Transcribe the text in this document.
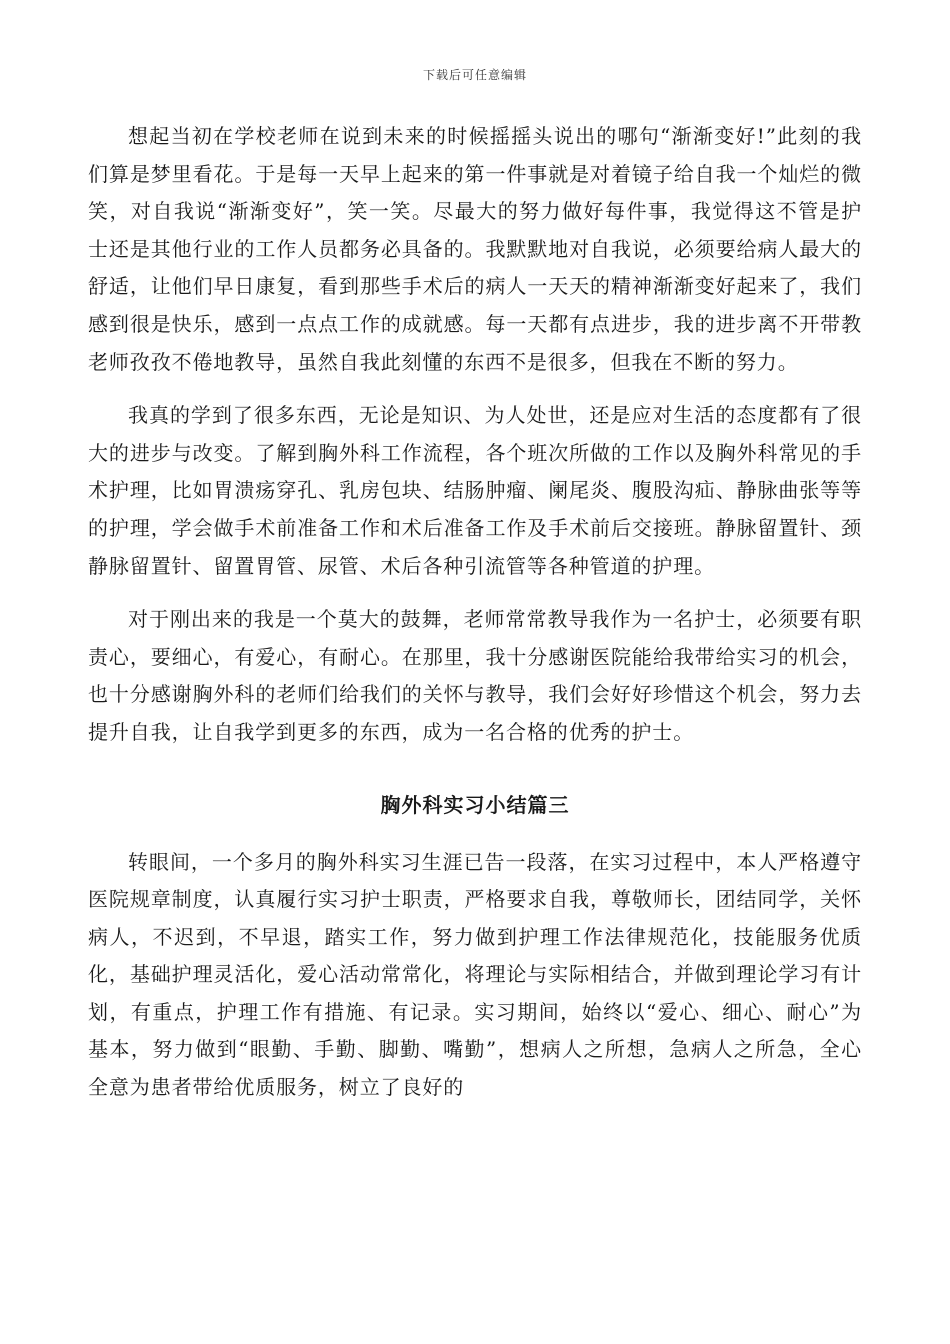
下载后可任意编辑

想起当初在学校老师在说到未来的时候摇摇头说出的哪句“渐渐变好!”此刻的我们算是梦里看花。于是每一天早上起来的第一件事就是对着镜子给自我一个灿烂的微笑，对自我说“渐渐变好”，笑一笑。尽最大的努力做好每件事，我觉得这不管是护士还是其他行业的工作人员都务必具备的。我默默地对自我说，必须要给病人最大的舒适，让他们早日康复，看到那些手术后的病人一天天的精神渐渐变好起来了，我们感到很是快乐，感到一点点工作的成就感。每一天都有点进步，我的进步离不开带教老师孜孜不倦地教导，虽然自我此刻懂的东西不是很多，但我在不断的努力。

我真的学到了很多东西，无论是知识、为人处世，还是应对生活的态度都有了很大的进步与改变。了解到胸外科工作流程，各个班次所做的工作以及胸外科常见的手术护理，比如胃溃疡穿孔、乳房包块、结肠肿瘤、阑尾炎、腹股沟疝、静脉曲张等等的护理，学会做手术前准备工作和术后准备工作及手术前后交接班。静脉留置针、颈静脉留置针、留置胃管、尿管、术后各种引流管等各种管道的护理。

对于刚出来的我是一个莫大的鼓舞，老师常常教导我作为一名护士，必须要有职责心，要细心，有爱心，有耐心。在那里，我十分感谢医院能给我带给实习的机会，也十分感谢胸外科的老师们给我们的关怀与教导，我们会好好珍惜这个机会，努力去提升自我，让自我学到更多的东西，成为一名合格的优秀的护士。

胸外科实习小结篇三

转眼间，一个多月的胸外科实习生涯已告一段落，在实习过程中，本人严格遵守医院规章制度，认真履行实习护士职责，严格要求自我，尊敬师长，团结同学，关怀病人，不迟到，不早退，踏实工作，努力做到护理工作法律规范化，技能服务优质化，基础护理灵活化，爱心活动常常化，将理论与实际相结合，并做到理论学习有计划，有重点，护理工作有措施、有记录。实习期间，始终以“爱心、细心、耐心”为基本，努力做到“眼勤、手勤、脚勤、嘴勤”，想病人之所想，急病人之所急，全心全意为患者带给优质服务，树立了良好的
